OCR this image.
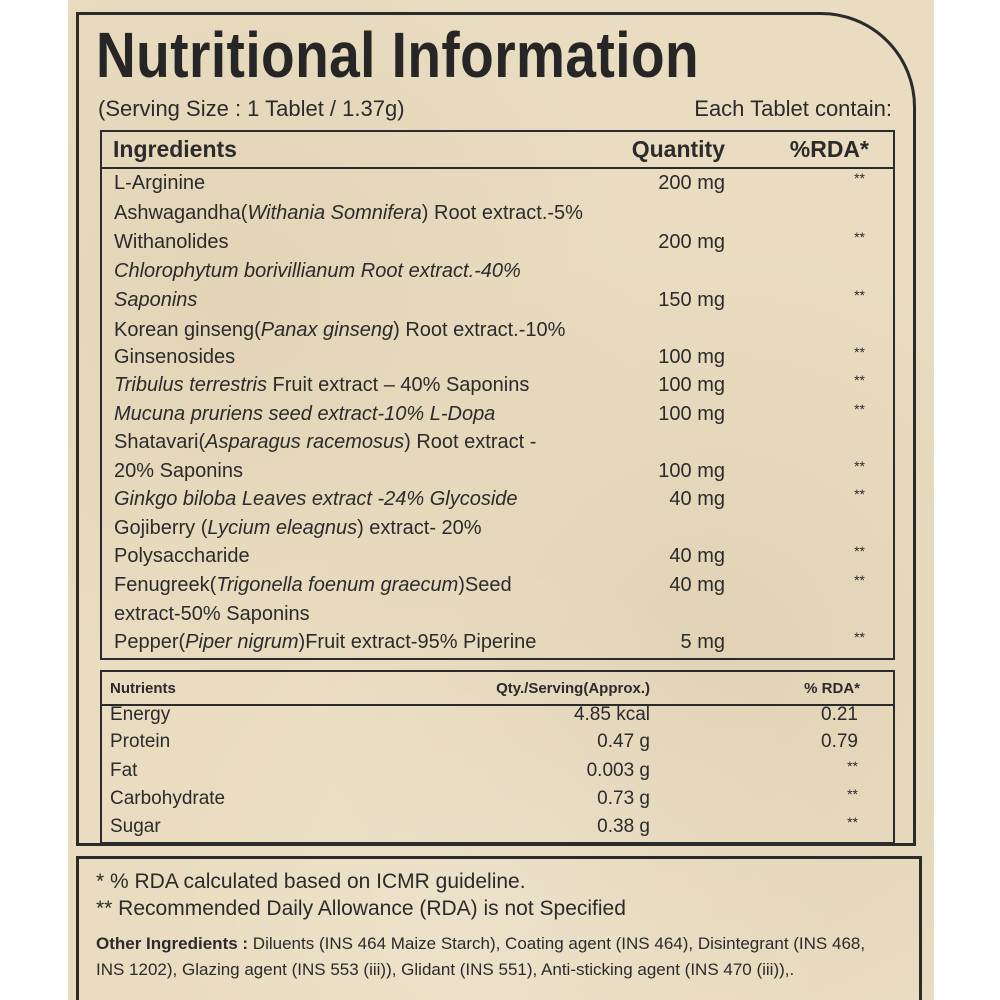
Nutritional Information
(Serving Size : 1 Tablet / 1.37g)	Each Tablet contain:
Ingredients	Quantity	%RDA*
L-Arginine	200 mg	**
Ashwagandha(Withania Somnifera) Root extract.-5%
Withanolides	200 mg	**
Chlorophytum borivillianum Root extract.-40%
Saponins	150 mg	**
Korean ginseng(Panax ginseng) Root extract.-10%
Ginsenosides	100 mg	**
Tribulus terrestris Fruit extract – 40% Saponins	100 mg	**
Mucuna pruriens seed extract-10% L-Dopa	100 mg	**
Shatavari(Asparagus racemosus) Root extract -
20% Saponins	100 mg	**
Ginkgo biloba Leaves extract -24% Glycoside	40 mg	**
Gojiberry (Lycium eleagnus) extract- 20%
Polysaccharide	40 mg	**
Fenugreek(Trigonella foenum graecum)Seed	40 mg	**
extract-50% Saponins
Pepper(Piper nigrum)Fruit extract-95% Piperine	5 mg	**
Nutrients	Qty./Serving(Approx.)	% RDA*
Energy	4.85 kcal	0.21
Protein	0.47 g	0.79
Fat	0.003 g	**
Carbohydrate	0.73 g	**
Sugar	0.38 g	**
* % RDA calculated based on ICMR guideline.
** Recommended Daily Allowance (RDA) is not Specified
Other Ingredients : Diluents (INS 464 Maize Starch), Coating agent (INS 464), Disintegrant (INS 468,
INS 1202), Glazing agent (INS 553 (iii)), Glidant (INS 551), Anti-sticking agent (INS 470 (iii)),.
